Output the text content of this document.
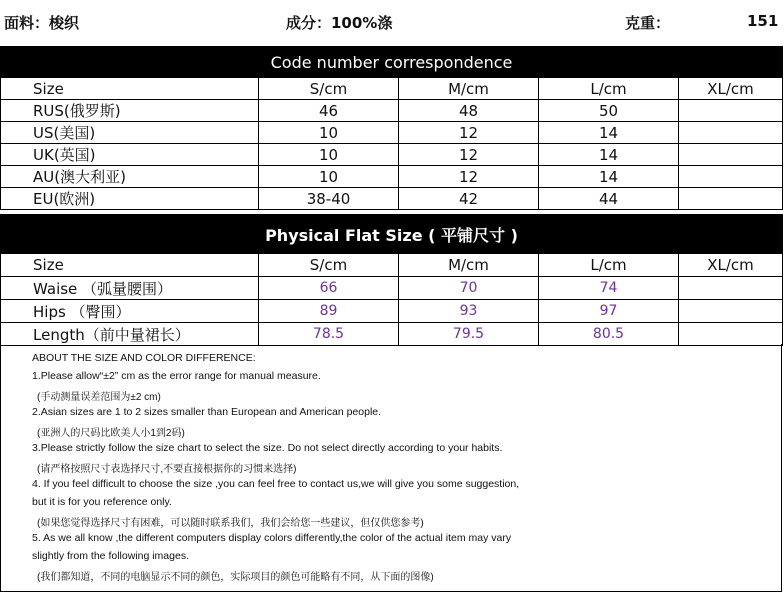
面料：梭织	成分：100%涤	克重：	151
Code number correspondence				
Size	S/cm	M/cm	L/cm	XL/cm
RUS(俄罗斯)	46	48	50	
US(美国)	10	12	14	
UK(英国)	10	12	14	
AU(澳大利亚)	10	12	14	
EU(欧洲)	38-40	42	44	
Physical Flat Size ( 平铺尺寸 )				
Size	S/cm	M/cm	L/cm	XL/cm
Waise （弧量腰围）	66	70	74	
Hips （臀围）	89	93	97	
Length（前中量裙长）	78.5	79.5	80.5	
ABOUT THE SIZE AND COLOR DIFFERENCE:
1.Please allow“±2” cm as the error range for manual measure.
(手动测量误差范围为±2 cm)
2.Asian sizes are 1 to 2 sizes smaller than European and American people.
(亚洲人的尺码比欧美人小1到2码)
3.Please strictly follow the size chart to select the size. Do not select directly according to your habits.
(请严格按照尺寸表选择尺寸,不要直接根据你的习惯来选择)
4. If you feel difficult to choose the size ,you can feel free to contact us,we will give you some suggestion,
but it is for you reference only.
(如果您觉得选择尺寸有困难，可以随时联系我们，我们会给您一些建议，但仅供您参考)
5. As we all know ,the different computers display colors differently,the color of the actual item may vary
slightly from the following images.
(我们都知道，不同的电脑显示不同的颜色，实际项目的颜色可能略有不同，从下面的图像)
